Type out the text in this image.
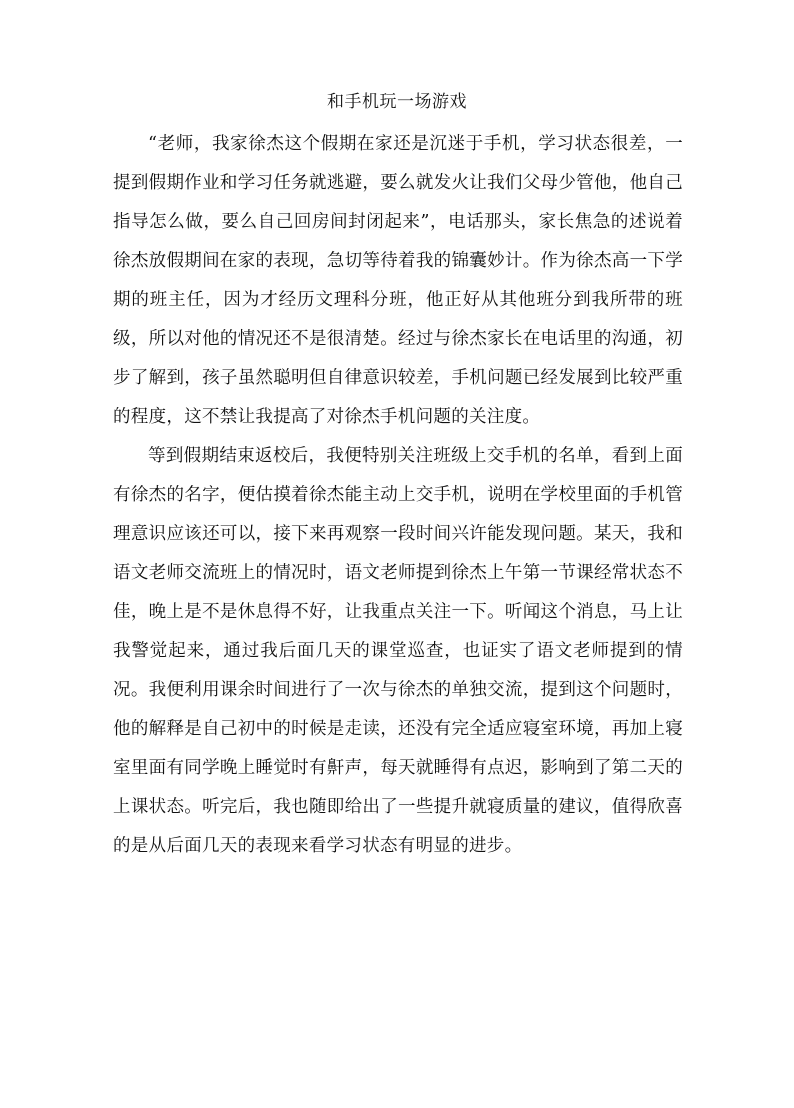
和手机玩一场游戏

“老师，我家徐杰这个假期在家还是沉迷于手机，学习状态很差，一提到假期作业和学习任务就逃避，要么就发火让我们父母少管他，他自己指导怎么做，要么自己回房间封闭起来”，电话那头，家长焦急的述说着徐杰放假期间在家的表现，急切等待着我的锦囊妙计。作为徐杰高一下学期的班主任，因为才经历文理科分班，他正好从其他班分到我所带的班级，所以对他的情况还不是很清楚。经过与徐杰家长在电话里的沟通，初步了解到，孩子虽然聪明但自律意识较差，手机问题已经发展到比较严重的程度，这不禁让我提高了对徐杰手机问题的关注度。

等到假期结束返校后，我便特别关注班级上交手机的名单，看到上面有徐杰的名字，便估摸着徐杰能主动上交手机，说明在学校里面的手机管理意识应该还可以，接下来再观察一段时间兴许能发现问题。某天，我和语文老师交流班上的情况时，语文老师提到徐杰上午第一节课经常状态不佳，晚上是不是休息得不好，让我重点关注一下。听闻这个消息，马上让我警觉起来，通过我后面几天的课堂巡查，也证实了语文老师提到的情况。我便利用课余时间进行了一次与徐杰的单独交流，提到这个问题时，他的解释是自己初中的时候是走读，还没有完全适应寝室环境，再加上寝室里面有同学晚上睡觉时有鼾声，每天就睡得有点迟，影响到了第二天的上课状态。听完后，我也随即给出了一些提升就寝质量的建议，值得欣喜的是从后面几天的表现来看学习状态有明显的进步。
